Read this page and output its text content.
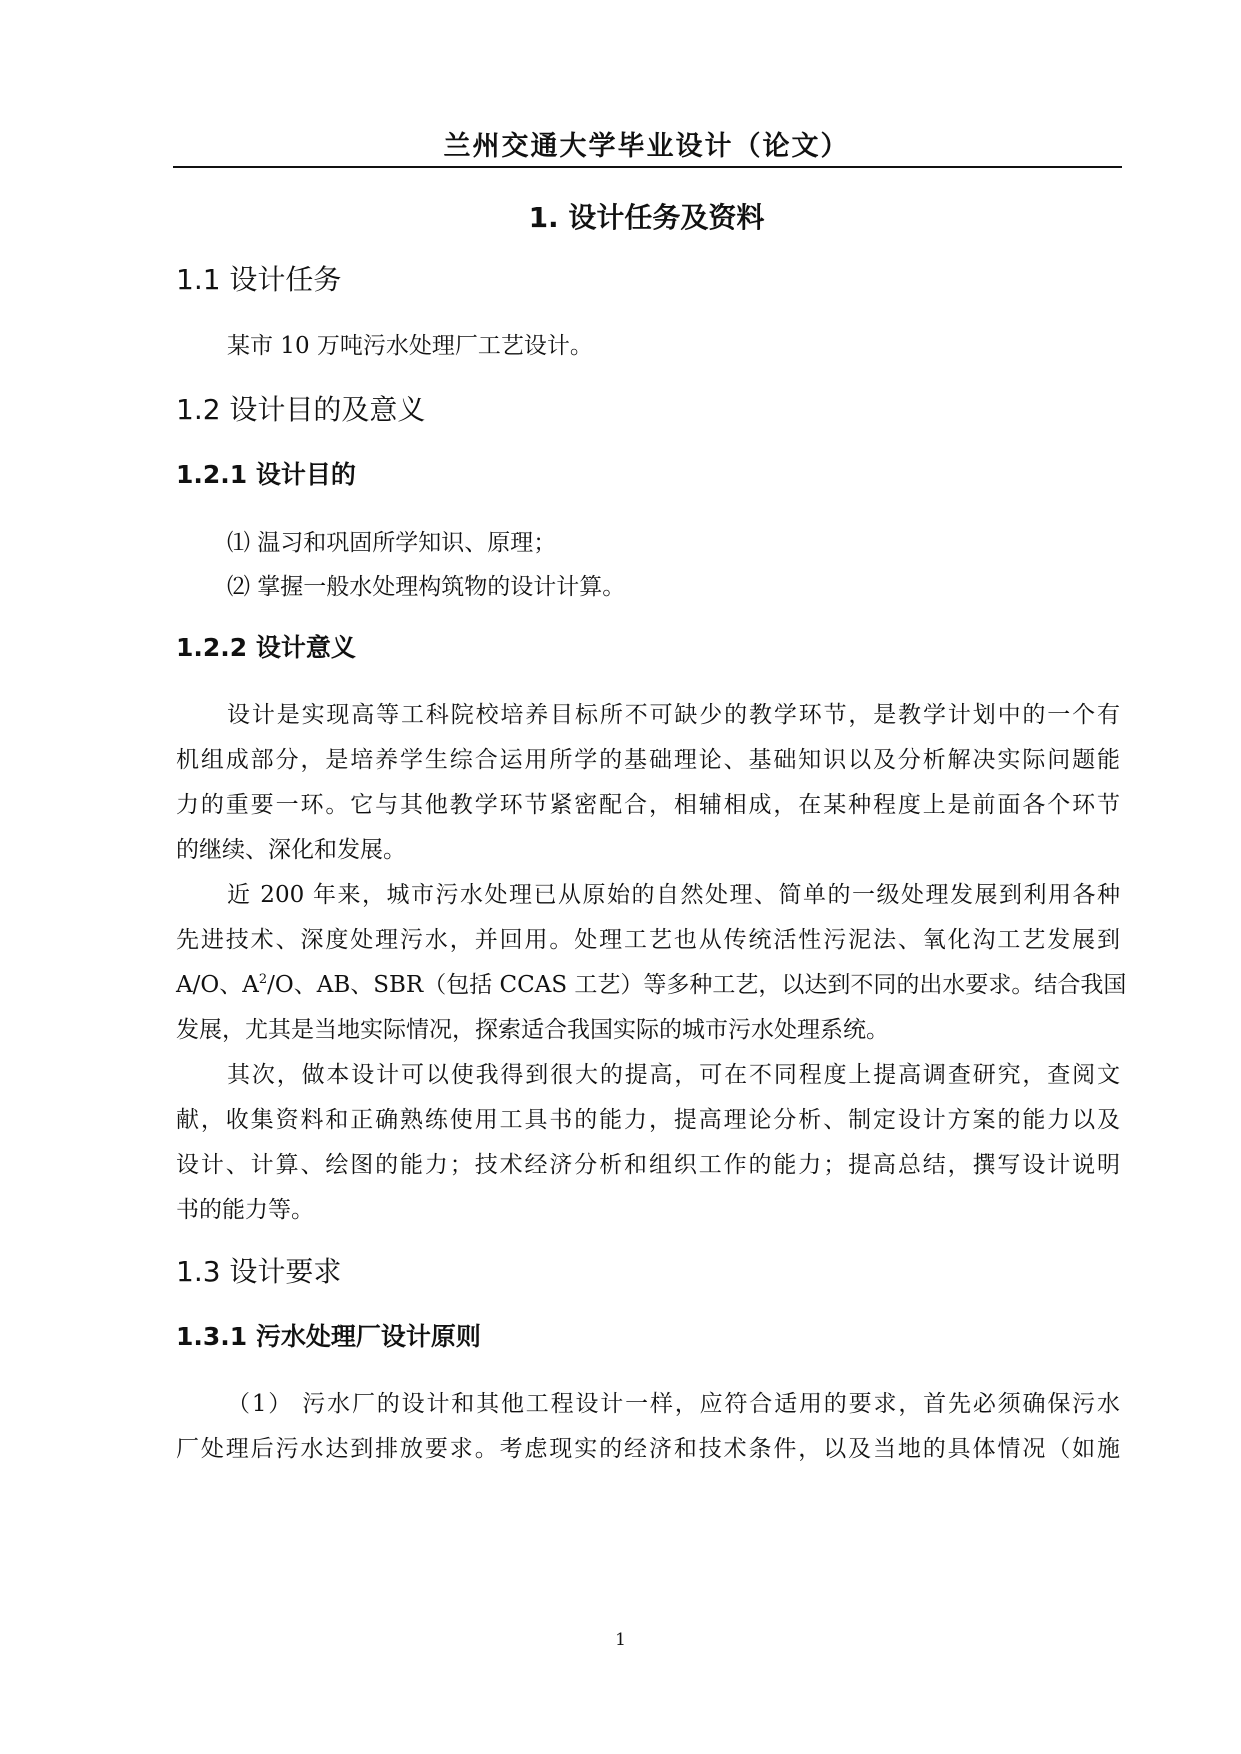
兰州交通大学毕业设计（论文）
1. 设计任务及资料
1.1 设计任务
某市 10 万吨污水处理厂工艺设计。
1.2 设计目的及意义
1.2.1 设计目的
⑴ 温习和巩固所学知识、原理；
⑵ 掌握一般水处理构筑物的设计计算。
1.2.2 设计意义
设计是实现高等工科院校培养目标所不可缺少的教学环节，是教学计划中的一个有
机组成部分，是培养学生综合运用所学的基础理论、基础知识以及分析解决实际问题能
力的重要一环。它与其他教学环节紧密配合，相辅相成，在某种程度上是前面各个环节
的继续、深化和发展。
近 200 年来，城市污水处理已从原始的自然处理、简单的一级处理发展到利用各种
先进技术、深度处理污水，并回用。处理工艺也从传统活性污泥法、氧化沟工艺发展到
A/O、$A^2/O$、AB、SBR（包括 CCAS 工艺）等多种工艺，以达到不同的出水要求。结合我国
发展，尤其是当地实际情况，探索适合我国实际的城市污水处理系统。
其次，做本设计可以使我得到很大的提高，可在不同程度上提高调查研究，查阅文
献，收集资料和正确熟练使用工具书的能力，提高理论分析、制定设计方案的能力以及
设计、计算、绘图的能力；技术经济分析和组织工作的能力；提高总结，撰写设计说明
书的能力等。
1.3 设计要求
1.3.1 污水处理厂设计原则
（1） 污水厂的设计和其他工程设计一样，应符合适用的要求，首先必须确保污水
厂处理后污水达到排放要求。考虑现实的经济和技术条件，以及当地的具体情况（如施
1
